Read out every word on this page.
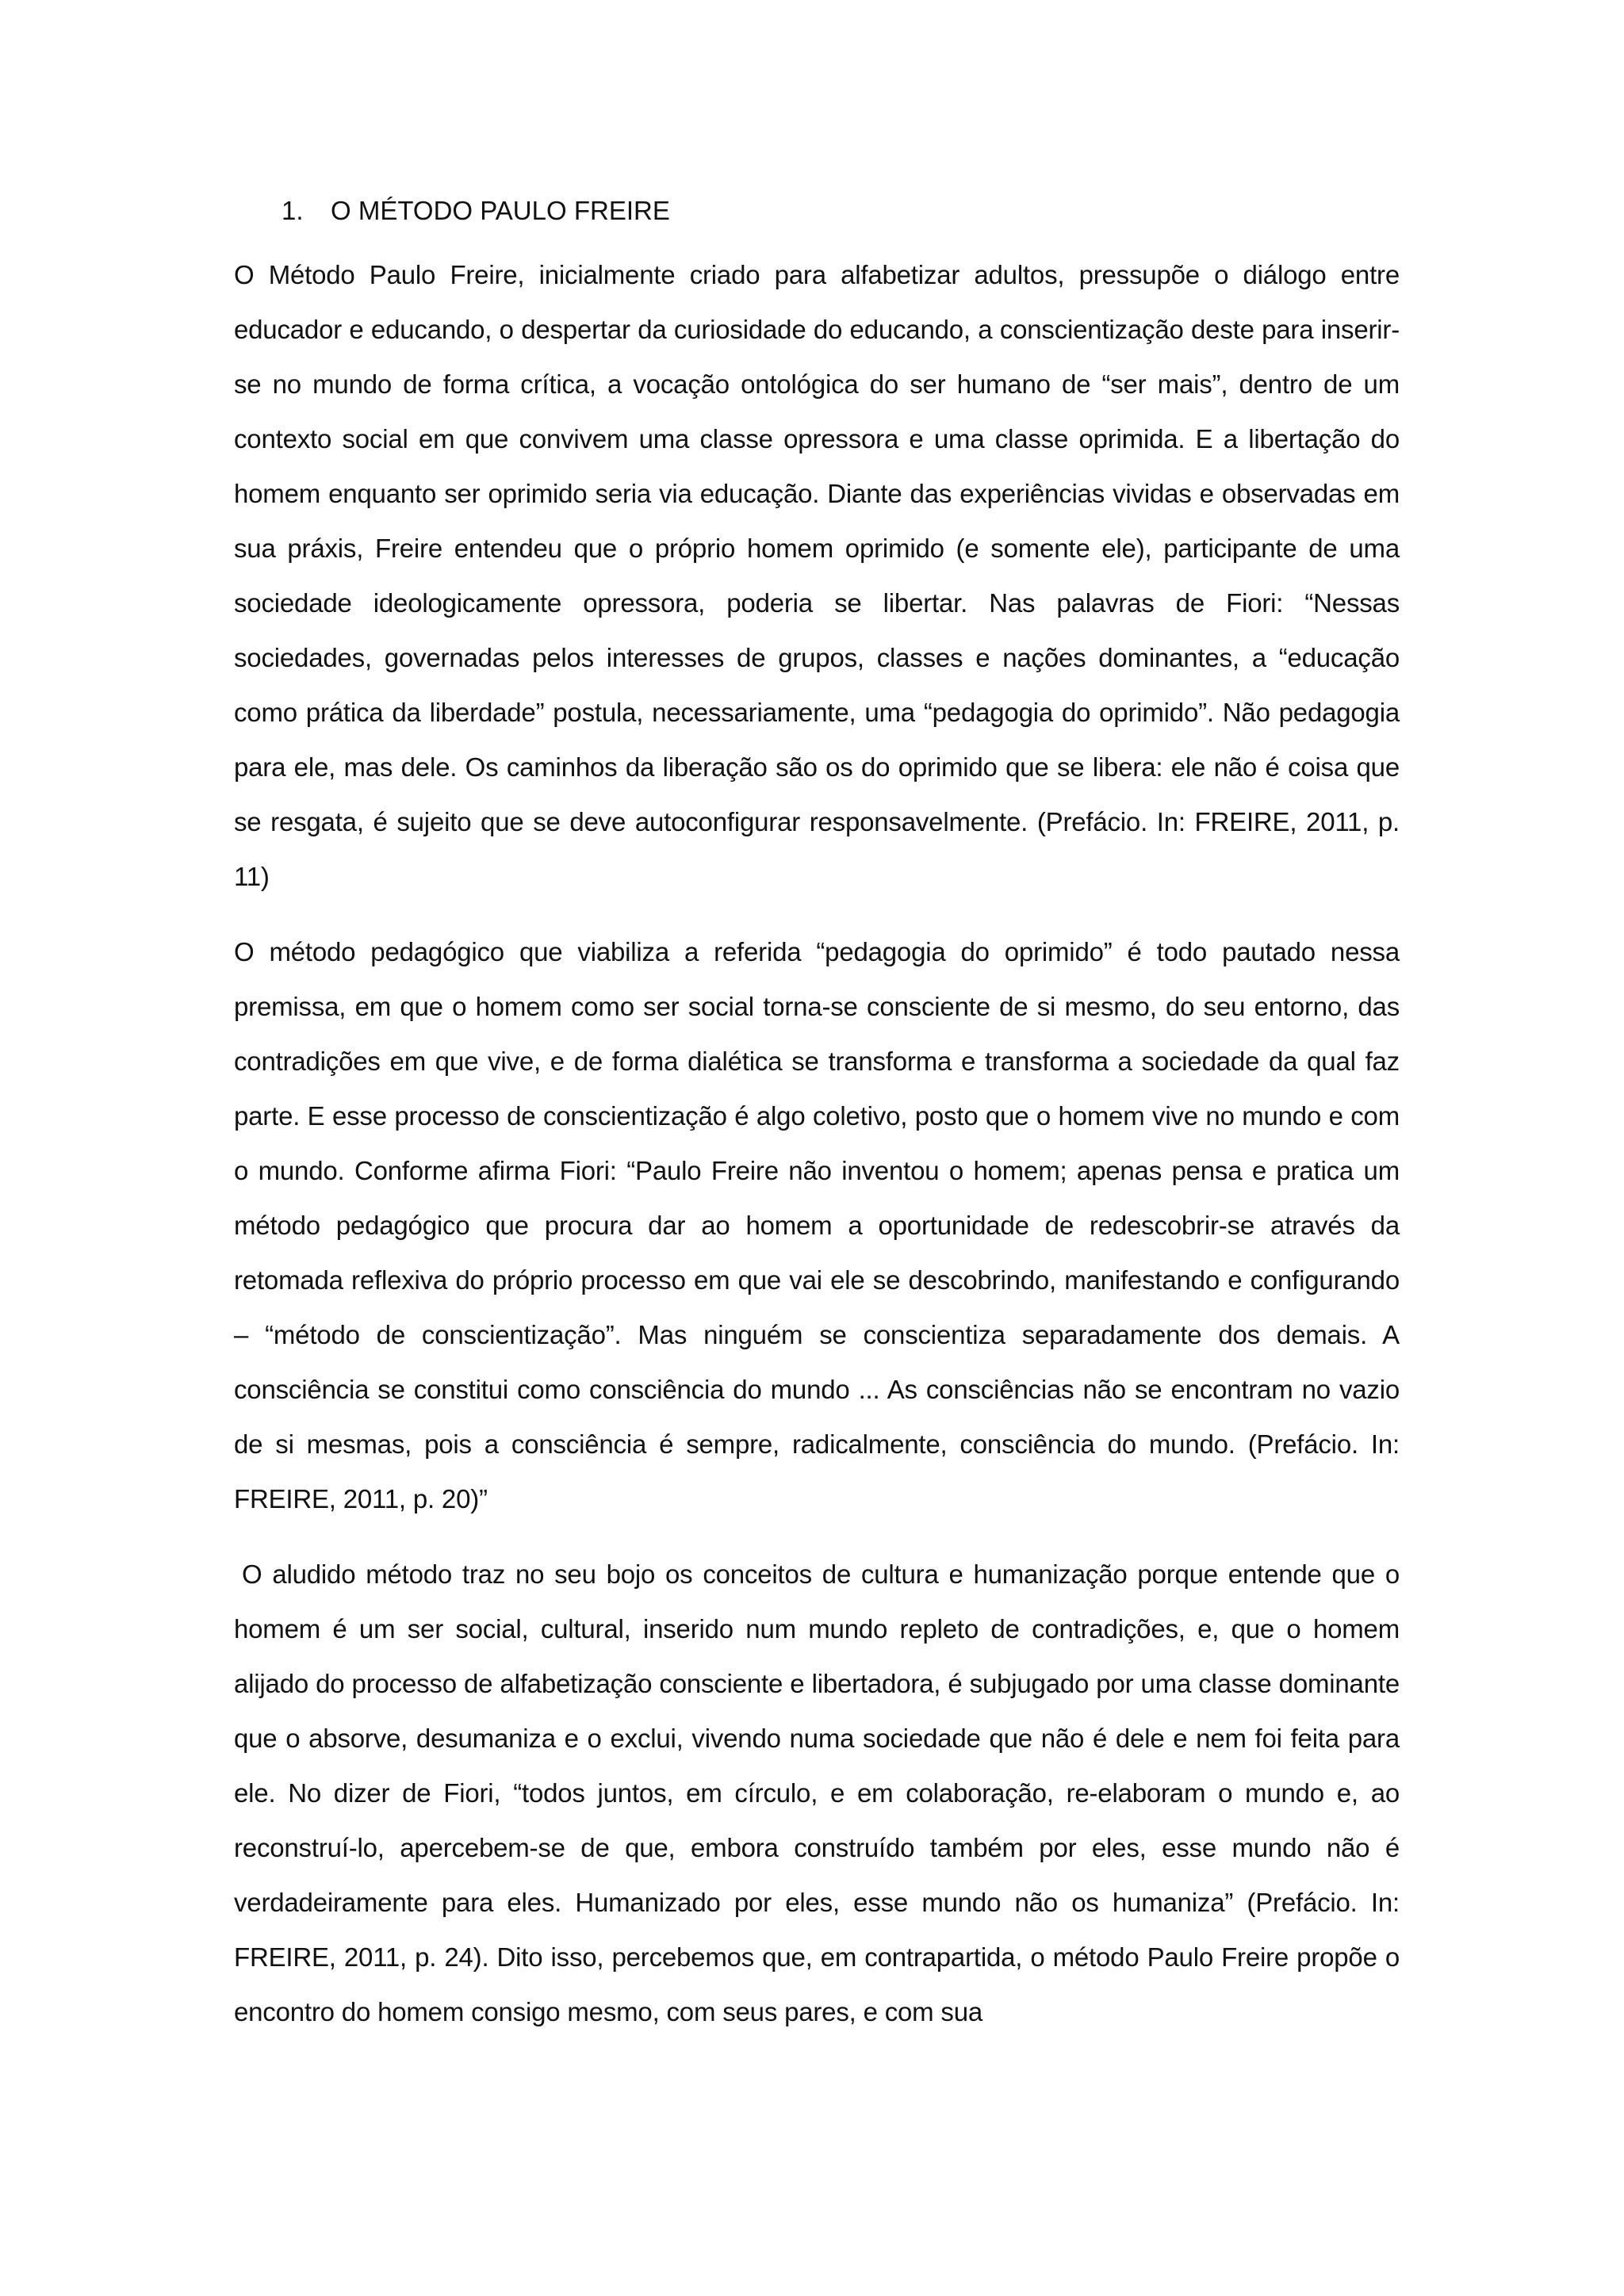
1.	O MÉTODO PAULO FREIRE

O Método Paulo Freire, inicialmente criado para alfabetizar adultos, pressupõe o diálogo entre educador e educando, o despertar da curiosidade do educando, a conscientização deste para inserir-se no mundo de forma crítica, a vocação ontológica do ser humano de “ser mais”, dentro de um contexto social em que convivem uma classe opressora e uma classe oprimida. E a libertação do homem enquanto ser oprimido seria via educação. Diante das experiências vividas e observadas em sua práxis, Freire entendeu que o próprio homem oprimido (e somente ele), participante de uma sociedade ideologicamente opressora, poderia se libertar. Nas palavras de Fiori: “Nessas sociedades, governadas pelos interesses de grupos, classes e nações dominantes, a “educação como prática da liberdade” postula, necessariamente, uma “pedagogia do oprimido”. Não pedagogia para ele, mas dele. Os caminhos da liberação são os do oprimido que se libera: ele não é coisa que se resgata, é sujeito que se deve autoconfigurar responsavelmente. (Prefácio. In: FREIRE, 2011, p. 11)

O método pedagógico que viabiliza a referida “pedagogia do oprimido” é todo pautado nessa premissa, em que o homem como ser social torna-se consciente de si mesmo, do seu entorno, das contradições em que vive, e de forma dialética se transforma e transforma a sociedade da qual faz parte. E esse processo de conscientização é algo coletivo, posto que o homem vive no mundo e com o mundo. Conforme afirma Fiori: “Paulo Freire não inventou o homem; apenas pensa e pratica um método pedagógico que procura dar ao homem a oportunidade de redescobrir-se através da retomada reflexiva do próprio processo em que vai ele se descobrindo, manifestando e configurando – “método de conscientização”. Mas ninguém se conscientiza separadamente dos demais. A consciência se constitui como consciência do mundo ... As consciências não se encontram no vazio de si mesmas, pois a consciência é sempre, radicalmente, consciência do mundo. (Prefácio. In: FREIRE, 2011, p. 20)”

O aludido método traz no seu bojo os conceitos de cultura e humanização porque entende que o homem é um ser social, cultural, inserido num mundo repleto de contradições, e, que o homem alijado do processo de alfabetização consciente e libertadora, é subjugado por uma classe dominante que o absorve, desumaniza e o exclui, vivendo numa sociedade que não é dele e nem foi feita para ele. No dizer de Fiori, “todos juntos, em círculo, e em colaboração, re-elaboram o mundo e, ao reconstruí-lo, apercebem-se de que, embora construído também por eles, esse mundo não é verdadeiramente para eles. Humanizado por eles, esse mundo não os humaniza” (Prefácio. In: FREIRE, 2011, p. 24). Dito isso, percebemos que, em contrapartida, o método Paulo Freire propõe o encontro do homem consigo mesmo, com seus pares, e com sua
